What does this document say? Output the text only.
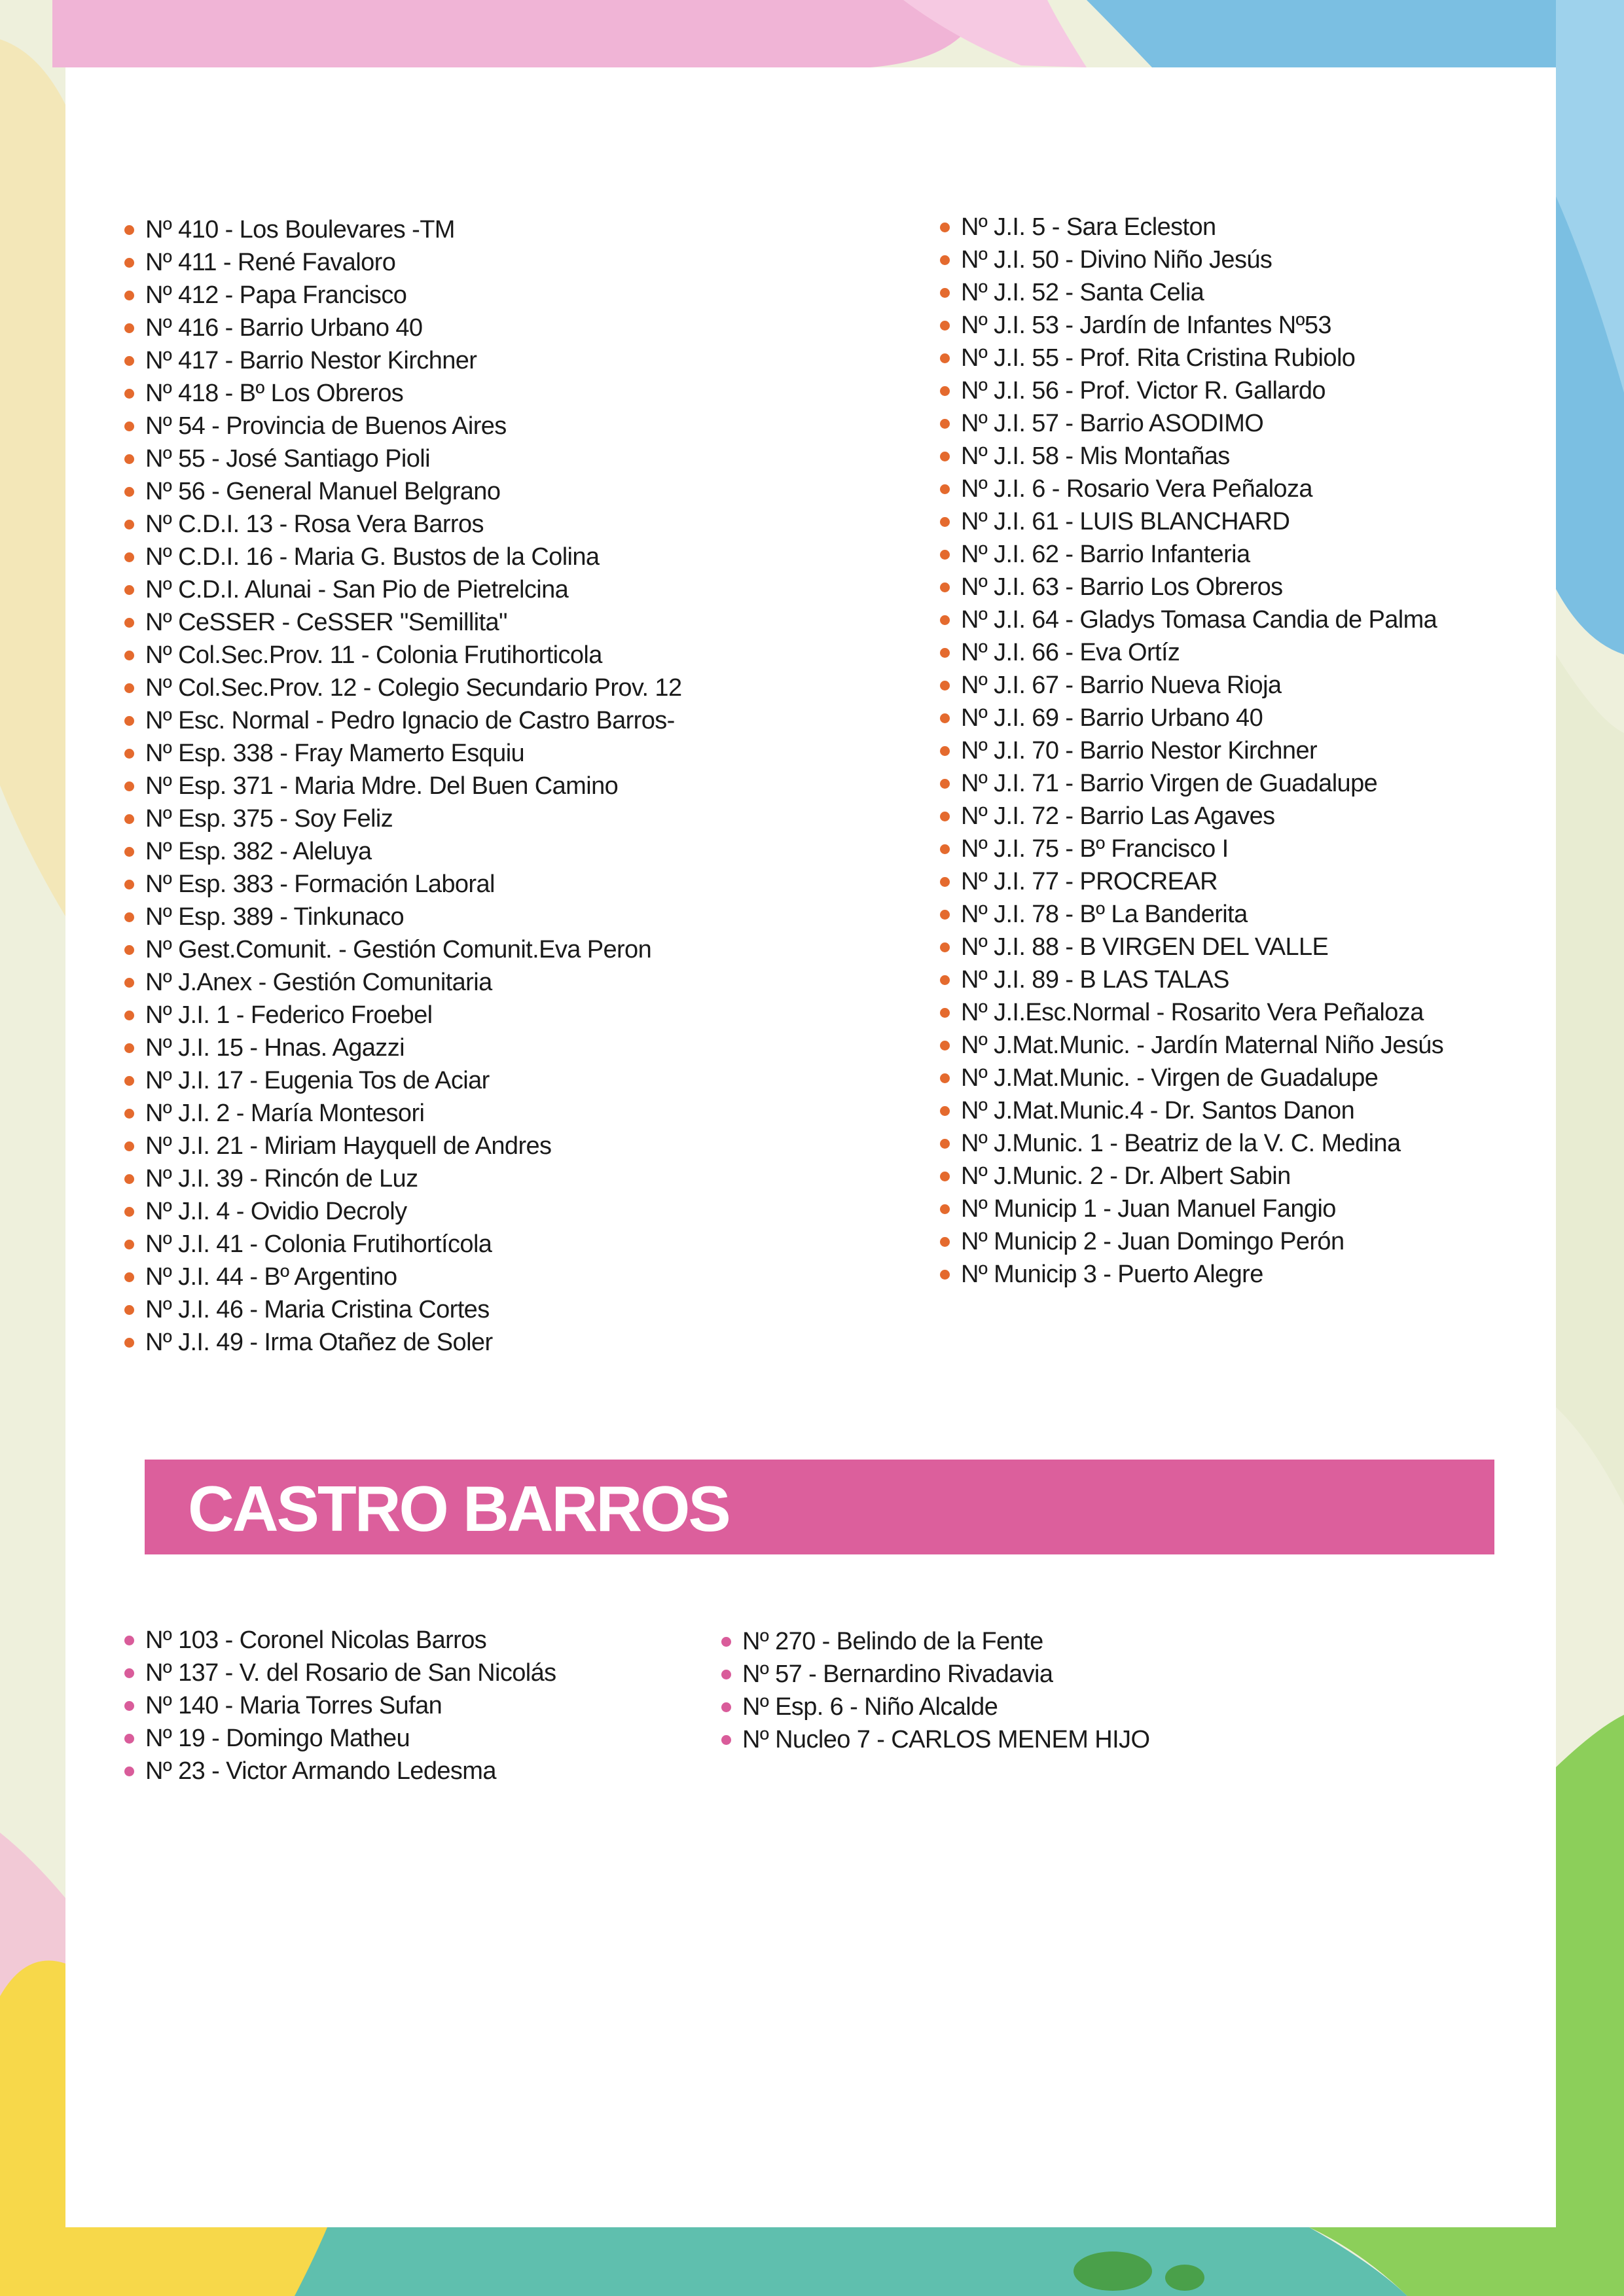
Nº 410 - Los Boulevares -TM
Nº 411 - René Favaloro
Nº 412 - Papa Francisco
Nº 416 - Barrio Urbano 40
Nº 417 - Barrio Nestor Kirchner
Nº 418 - Bº Los Obreros
Nº 54 - Provincia de Buenos Aires
Nº 55 - José Santiago Pioli
Nº 56 - General Manuel Belgrano
Nº C.D.I. 13 - Rosa Vera Barros
Nº C.D.I. 16 - Maria G. Bustos de la Colina
Nº C.D.I. Alunai - San Pio de Pietrelcina
Nº CeSSER - CeSSER "Semillita"
Nº Col.Sec.Prov. 11 - Colonia Frutihorticola
Nº Col.Sec.Prov. 12 - Colegio Secundario Prov. 12
Nº Esc. Normal - Pedro Ignacio de Castro Barros-
Nº Esp. 338 - Fray Mamerto Esquiu
Nº Esp. 371 - Maria Mdre. Del Buen Camino
Nº Esp. 375 - Soy Feliz
Nº Esp. 382 - Aleluya
Nº Esp. 383 - Formación Laboral
Nº Esp. 389 - Tinkunaco
Nº Gest.Comunit. - Gestión Comunit.Eva Peron
Nº J.Anex - Gestión Comunitaria
Nº J.I. 1 - Federico Froebel
Nº J.I. 15 - Hnas. Agazzi
Nº J.I. 17 - Eugenia Tos de Aciar
Nº J.I. 2 - María Montesori
Nº J.I. 21 - Miriam Hayquell de Andres
Nº J.I. 39 - Rincón de Luz
Nº J.I. 4 - Ovidio Decroly
Nº J.I. 41 - Colonia Frutihortícola
Nº J.I. 44 - Bº Argentino
Nº J.I. 46 - Maria Cristina Cortes
Nº J.I. 49 - Irma Otañez de Soler
Nº J.I. 5 - Sara Ecleston
Nº J.I. 50 - Divino Niño Jesús
Nº J.I. 52 - Santa Celia
Nº J.I. 53 - Jardín de Infantes Nº53
Nº J.I. 55 - Prof. Rita Cristina Rubiolo
Nº J.I. 56 - Prof. Victor R. Gallardo
Nº J.I. 57 - Barrio ASODIMO
Nº J.I. 58 - Mis Montañas
Nº J.I. 6 - Rosario Vera Peñaloza
Nº J.I. 61 - LUIS BLANCHARD
Nº J.I. 62 - Barrio Infanteria
Nº J.I. 63 - Barrio Los Obreros
Nº J.I. 64 - Gladys Tomasa Candia de Palma
Nº J.I. 66 - Eva Ortíz
Nº J.I. 67 - Barrio Nueva Rioja
Nº J.I. 69 - Barrio Urbano 40
Nº J.I. 70 - Barrio Nestor Kirchner
Nº J.I. 71 - Barrio Virgen de Guadalupe
Nº J.I. 72 - Barrio Las Agaves
Nº J.I. 75 - Bº Francisco I
Nº J.I. 77 - PROCREAR
Nº J.I. 78 - Bº La Banderita
Nº J.I. 88 - B VIRGEN DEL VALLE
Nº J.I. 89 - B LAS TALAS
Nº J.I.Esc.Normal - Rosarito Vera Peñaloza
Nº J.Mat.Munic. - Jardín Maternal Niño Jesús
Nº J.Mat.Munic. - Virgen de Guadalupe
Nº J.Mat.Munic.4 - Dr. Santos Danon
Nº J.Munic. 1 - Beatriz de la V. C. Medina
Nº J.Munic. 2 - Dr. Albert Sabin
Nº Municip 1 - Juan Manuel Fangio
Nº Municip 2 - Juan Domingo Perón
Nº Municip 3 - Puerto Alegre
CASTRO BARROS
Nº 103 - Coronel Nicolas Barros
Nº 137 - V. del Rosario de San Nicolás
Nº 140 - Maria Torres Sufan
Nº 19 - Domingo Matheu
Nº 23 - Victor Armando Ledesma
Nº 270 - Belindo de la Fente
Nº 57 - Bernardino Rivadavia
Nº Esp. 6 - Niño Alcalde
Nº Nucleo 7 - CARLOS MENEM HIJO
